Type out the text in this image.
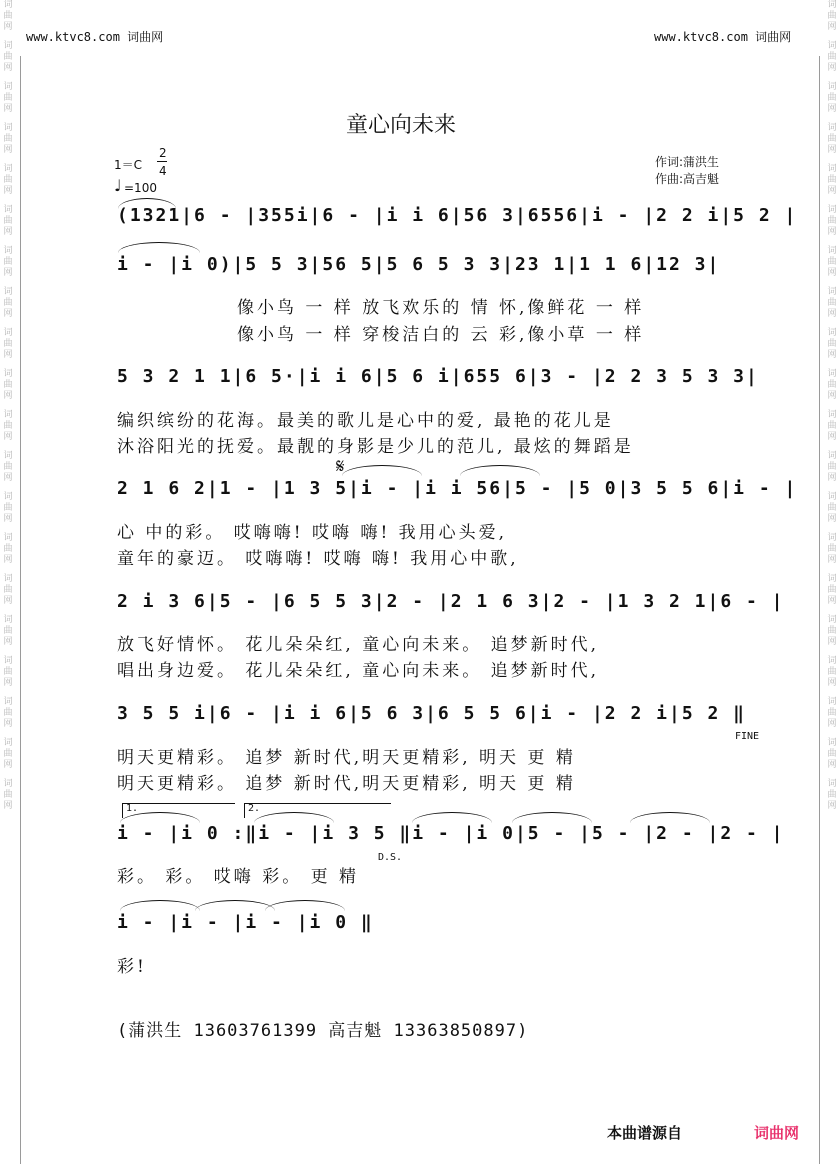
词
曲
网
词
曲
网
词
曲
网
词
曲
网
词
曲
网
词
曲
网
词
曲
网
词
曲
网
词
曲
网
词
曲
网
词
曲
网
词
曲
网
词
曲
网
词
曲
网
词
曲
网
词
曲
网
词
曲
网
词
曲
网
词
曲
网
词
曲
网
词
曲
网
词
曲
网
词
曲
网
词
曲
网
词
曲
网
词
曲
网
词
曲
网
词
曲
网
词
曲
网
词
曲
网
词
曲
网
词
曲
网
词
曲
网
词
曲
网
词
曲
网
词
曲
网
词
曲
网
词
曲
网
词
曲
网
词
曲
网
www.ktvc8.com 词曲网	www.ktvc8.com 词曲网
童心向未来
1＝C
2
4
♩ =100
作词:蒲洪生
作曲:高吉魁
(1321|6 - |355i|6 - |i i 6|56 3|6556|i - |2 2 i|5 2 |
i - |i 0)|5 5 3|56 5|5 6 5 3 3|23 1|1 1 6|12 3|
像小鸟 一 样 放飞欢乐的 情 怀,像鲜花 一 样
像小鸟 一 样 穿梭洁白的 云 彩,像小草 一 样
5 3 2 1 1|6 5·|i i 6|5 6 i|655 6|3 - |2 2 3 5 3 3|
编织缤纷的花海。最美的歌儿是心中的爱, 最艳的花儿是
沐浴阳光的抚爱。最靓的身影是少儿的范儿, 最炫的舞蹈是
𝄋
2 1 6 2|1 - |1 3 5|i - |i i 56|5 - |5 0|3 5 5 6|i - |
心 中的彩。 哎嗨嗨! 哎嗨 嗨! 我用心头爱,
童年的豪迈。 哎嗨嗨! 哎嗨 嗨! 我用心中歌,
2 i 3 6|5 - |6 5 5 3|2 - |2 1 6 3|2 - |1 3 2 1|6 - |
放飞好情怀。 花儿朵朵红, 童心向未来。 追梦新时代,
唱出身边爱。 花儿朵朵红, 童心向未来。 追梦新时代,
3 5 5 i|6 - |i i 6|5 6 3|6 5 5 6|i - |2 2 i|5 2 ‖
FINE
明天更精彩。 追梦 新时代,明天更精彩, 明天 更 精
明天更精彩。 追梦 新时代,明天更精彩, 明天 更 精
1.	2.
i - |i 0 :‖i - |i 3 5 ‖i - |i 0|5 - |5 - |2 - |2 - |
D.S.
彩。 彩。 哎嗨 彩。 更 精
i - |i - |i - |i 0 ‖
彩!
(蒲洪生 13603761399 高吉魁 13363850897)
本曲谱源自	词曲网
